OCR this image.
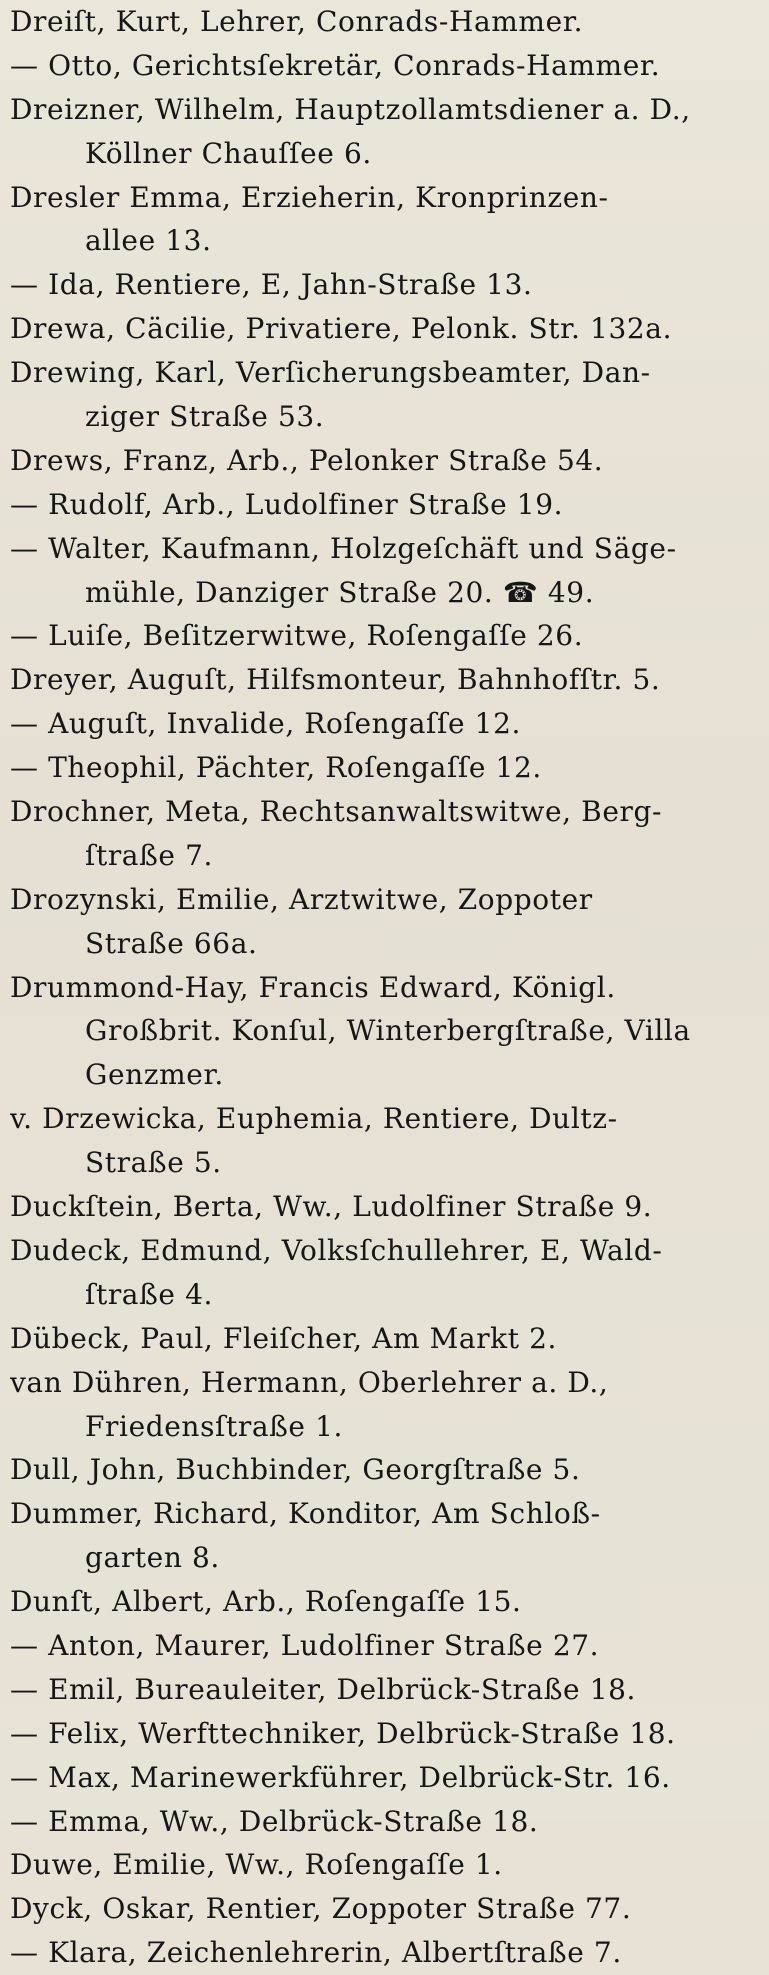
Dreiſt, Kurt, Lehrer, Conrads-Hammer.
— Otto, Gerichtsſekretär, Conrads-Hammer.
Dreizner, Wilhelm, Hauptzollamtsdiener a. D.,
Köllner Chauſſee 6.
Dresler Emma, Erzieherin, Kronprinzen-
allee 13.
— Ida, Rentiere, E, Jahn-Straße 13.
Drewa, Cäcilie, Privatiere, Pelonk. Str. 132a.
Drewing, Karl, Verſicherungsbeamter, Dan-
ziger Straße 53.
Drews, Franz, Arb., Pelonker Straße 54.
— Rudolf, Arb., Ludolfiner Straße 19.
— Walter, Kaufmann, Holzgeſchäft und Säge-
mühle, Danziger Straße 20. ☎ 49.
— Luiſe, Beſitzerwitwe, Roſengaſſe 26.
Dreyer, Auguſt, Hilfsmonteur, Bahnhofſtr. 5.
— Auguſt, Invalide, Roſengaſſe 12.
— Theophil, Pächter, Roſengaſſe 12.
Drochner, Meta, Rechtsanwaltswitwe, Berg-
ſtraße 7.
Drozynski, Emilie, Arztwitwe, Zoppoter
Straße 66a.
Drummond-Hay, Francis Edward, Königl.
Großbrit. Konſul, Winterbergſtraße, Villa
Genzmer.
v. Drzewicka, Euphemia, Rentiere, Dultz-
Straße 5.
Duckſtein, Berta, Ww., Ludolfiner Straße 9.
Dudeck, Edmund, Volksſchullehrer, E, Wald-
ſtraße 4.
Dübeck, Paul, Fleiſcher, Am Markt 2.
van Dühren, Hermann, Oberlehrer a. D.,
Friedensſtraße 1.
Dull, John, Buchbinder, Georgſtraße 5.
Dummer, Richard, Konditor, Am Schloß-
garten 8.
Dunſt, Albert, Arb., Roſengaſſe 15.
— Anton, Maurer, Ludolfiner Straße 27.
— Emil, Bureauleiter, Delbrück-Straße 18.
— Felix, Werfttechniker, Delbrück-Straße 18.
— Max, Marinewerkführer, Delbrück-Str. 16.
— Emma, Ww., Delbrück-Straße 18.
Duwe, Emilie, Ww., Roſengaſſe 1.
Dyck, Oskar, Rentier, Zoppoter Straße 77.
— Klara, Zeichenlehrerin, Albertſtraße 7.
